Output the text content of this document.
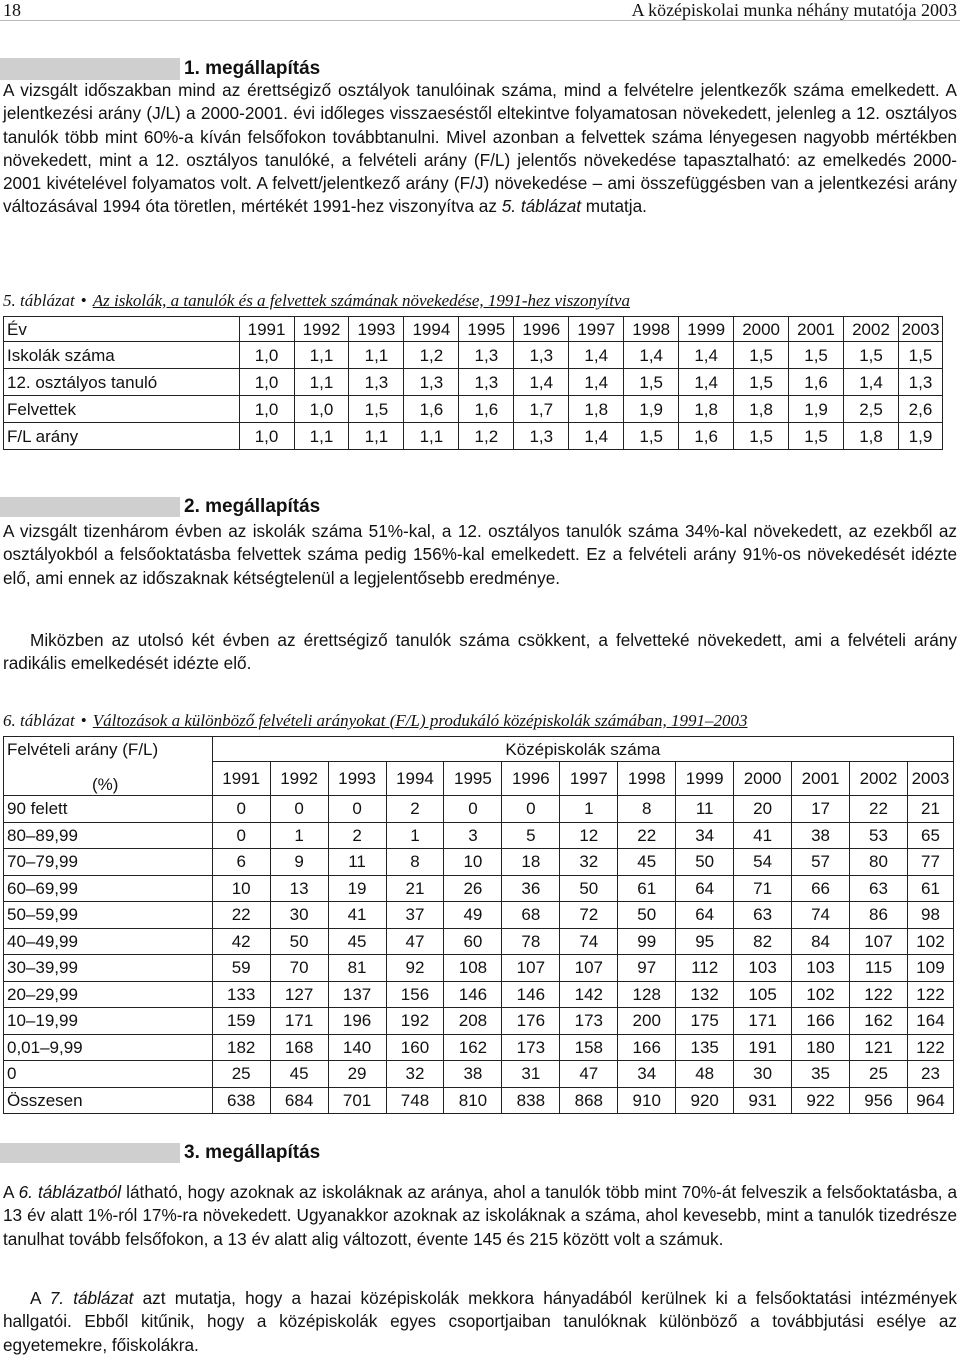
18	A középiskolai munka néhány mutatója 2003
1. megállapítás

A vizsgált időszakban mind az érettségiző osztályok tanulóinak száma, mind a felvételre jelentkezők száma emelkedett. A jelentkezési arány (J/L) a 2000-2001. évi időleges visszaeséstől eltekintve folyamatosan növekedett, jelenleg a 12. osztályos tanulók több mint 60%-a kíván felsőfokon továbbtanulni. Mivel azonban a felvettek száma lényegesen nagyobb mértékben növekedett, mint a 12. osztályos tanulóké, a felvételi arány (F/L) jelentős növekedése tapasztalható: az emelkedés 2000-2001 kivételével folyamatos volt. A felvett/jelentkező arány (F/J) növekedése – ami összefüggésben van a jelentkezési arány változásával 1994 óta töretlen, mértékét 1991-hez viszonyítva az 5. táblázat mutatja.

5. táblázat • Az iskolák, a tanulók és a felvettek számának növekedése, 1991-hez viszonyítva
Év	1991	1992	1993	1994	1995	1996	1997	1998	1999	2000	2001	2002	2003
Iskolák száma	1,0	1,1	1,1	1,2	1,3	1,3	1,4	1,4	1,4	1,5	1,5	1,5	1,5
12. osztályos tanuló	1,0	1,1	1,3	1,3	1,3	1,4	1,4	1,5	1,4	1,5	1,6	1,4	1,3
Felvettek	1,0	1,0	1,5	1,6	1,6	1,7	1,8	1,9	1,8	1,8	1,9	2,5	2,6
F/L arány	1,0	1,1	1,1	1,1	1,2	1,3	1,4	1,5	1,6	1,5	1,5	1,8	1,9
2. megállapítás

A vizsgált tizenhárom évben az iskolák száma 51%-kal, a 12. osztályos tanulók száma 34%-kal növekedett, az ezekből az osztályokból a felsőoktatásba felvettek száma pedig 156%-kal emelkedett. Ez a felvételi arány 91%-os növekedését idézte elő, ami ennek az időszaknak kétségtelenül a legjelentősebb eredménye.

Miközben az utolsó két évben az érettségiző tanulók száma csökkent, a felvetteké növekedett, ami a felvételi arány radikális emelkedését idézte elő.

6. táblázat • Változások a különböző felvételi arányokat (F/L) produkáló középiskolák számában, 1991–2003
Felvételi arány (F/L)	Középiskolák száma												
(%)	1991	1992	1993	1994	1995	1996	1997	1998	1999	2000	2001	2002	2003
90 felett	0	0	0	2	0	0	1	8	11	20	17	22	21
80–89,99	0	1	2	1	3	5	12	22	34	41	38	53	65
70–79,99	6	9	11	8	10	18	32	45	50	54	57	80	77
60–69,99	10	13	19	21	26	36	50	61	64	71	66	63	61
50–59,99	22	30	41	37	49	68	72	50	64	63	74	86	98
40–49,99	42	50	45	47	60	78	74	99	95	82	84	107	102
30–39,99	59	70	81	92	108	107	107	97	112	103	103	115	109
20–29,99	133	127	137	156	146	146	142	128	132	105	102	122	122
10–19,99	159	171	196	192	208	176	173	200	175	171	166	162	164
0,01–9,99	182	168	140	160	162	173	158	166	135	191	180	121	122
0	25	45	29	32	38	31	47	34	48	30	35	25	23
Összesen	638	684	701	748	810	838	868	910	920	931	922	956	964
3. megállapítás

A 6. táblázatból látható, hogy azoknak az iskoláknak az aránya, ahol a tanulók több mint 70%-át felveszik a felsőoktatásba, a 13 év alatt 1%-ról 17%-ra növekedett. Ugyanakkor azoknak az iskoláknak a száma, ahol kevesebb, mint a tanulók tizedrésze tanulhat tovább felsőfokon, a 13 év alatt alig változott, évente 145 és 215 között volt a számuk.

A 7. táblázat azt mutatja, hogy a hazai középiskolák mekkora hányadából kerülnek ki a felsőoktatási intézmények hallgatói. Ebből kitűnik, hogy a középiskolák egyes csoportjaiban tanulóknak különböző a továbbjutási esélye az egyetemekre, főiskolákra.
